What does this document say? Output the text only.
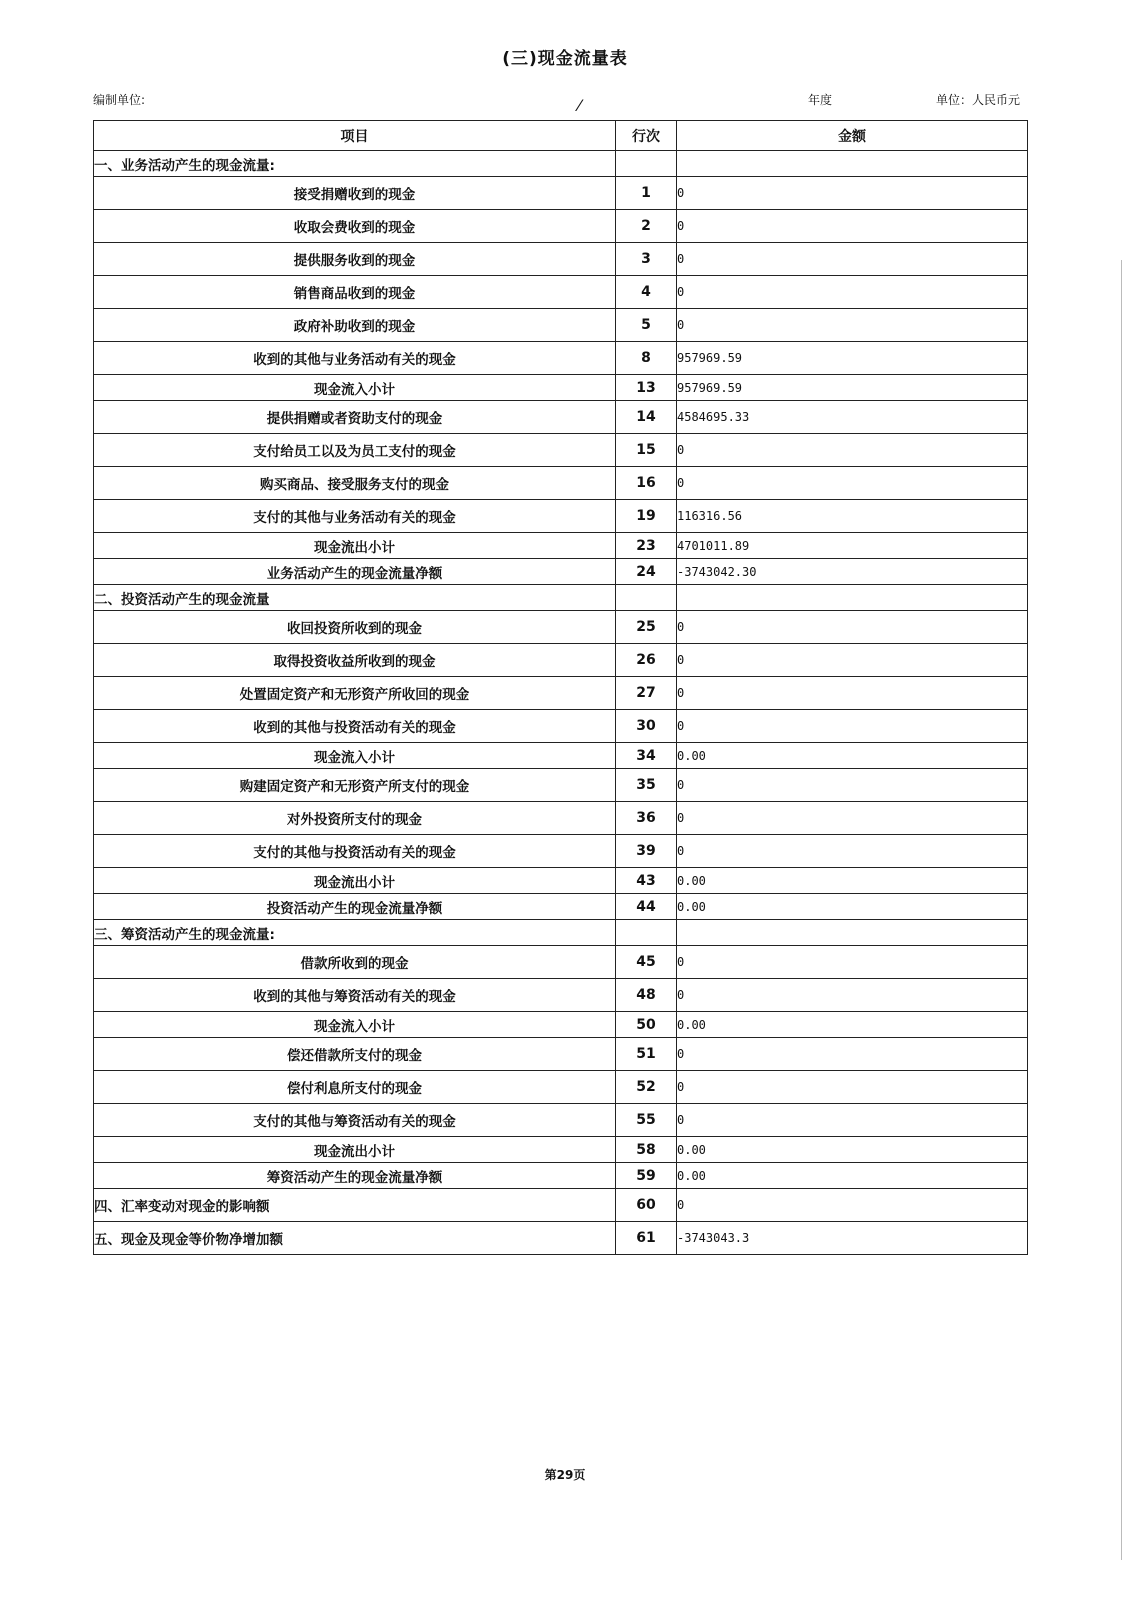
(三)现金流量表
编制单位:	⁄	年度	单位：人民币元
项目	行次	金额
一、业务活动产生的现金流量:		
接受捐赠收到的现金	1	0
收取会费收到的现金	2	0
提供服务收到的现金	3	0
销售商品收到的现金	4	0
政府补助收到的现金	5	0
收到的其他与业务活动有关的现金	8	957969.59
现金流入小计	13	957969.59
提供捐赠或者资助支付的现金	14	4584695.33
支付给员工以及为员工支付的现金	15	0
购买商品、接受服务支付的现金	16	0
支付的其他与业务活动有关的现金	19	116316.56
现金流出小计	23	4701011.89
业务活动产生的现金流量净额	24	-3743042.30
二、投资活动产生的现金流量		
收回投资所收到的现金	25	0
取得投资收益所收到的现金	26	0
处置固定资产和无形资产所收回的现金	27	0
收到的其他与投资活动有关的现金	30	0
现金流入小计	34	0.00
购建固定资产和无形资产所支付的现金	35	0
对外投资所支付的现金	36	0
支付的其他与投资活动有关的现金	39	0
现金流出小计	43	0.00
投资活动产生的现金流量净额	44	0.00
三、筹资活动产生的现金流量:		
借款所收到的现金	45	0
收到的其他与筹资活动有关的现金	48	0
现金流入小计	50	0.00
偿还借款所支付的现金	51	0
偿付利息所支付的现金	52	0
支付的其他与筹资活动有关的现金	55	0
现金流出小计	58	0.00
筹资活动产生的现金流量净额	59	0.00
四、汇率变动对现金的影响额	60	0
五、现金及现金等价物净增加额	61	-3743043.3
第29页
